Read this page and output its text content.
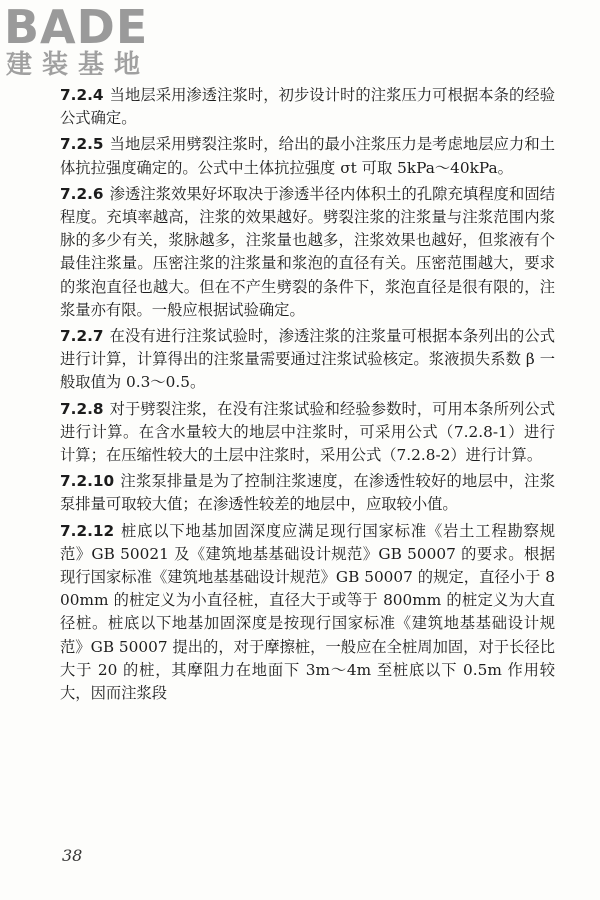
BADE
建装基地

7.2.4 当地层采用渗透注浆时，初步设计时的注浆压力可根据本条的经验公式确定。

7.2.5 当地层采用劈裂注浆时，给出的最小注浆压力是考虑地层应力和土体抗拉强度确定的。公式中土体抗拉强度 σt 可取 5kPa～40kPa。

7.2.6 渗透注浆效果好坏取决于渗透半径内体积土的孔隙充填程度和固结程度。充填率越高，注浆的效果越好。劈裂注浆的注浆量与注浆范围内浆脉的多少有关，浆脉越多，注浆量也越多，注浆效果也越好，但浆液有个最佳注浆量。压密注浆的注浆量和浆泡的直径有关。压密范围越大，要求的浆泡直径也越大。但在不产生劈裂的条件下，浆泡直径是很有限的，注浆量亦有限。一般应根据试验确定。

7.2.7 在没有进行注浆试验时，渗透注浆的注浆量可根据本条列出的公式进行计算，计算得出的注浆量需要通过注浆试验核定。浆液损失系数 β 一般取值为 0.3～0.5。

7.2.8 对于劈裂注浆，在没有注浆试验和经验参数时，可用本条所列公式进行计算。在含水量较大的地层中注浆时，可采用公式（7.2.8-1）进行计算；在压缩性较大的土层中注浆时，采用公式（7.2.8-2）进行计算。

7.2.10 注浆泵排量是为了控制注浆速度，在渗透性较好的地层中，注浆泵排量可取较大值；在渗透性较差的地层中，应取较小值。

7.2.12 桩底以下地基加固深度应满足现行国家标准《岩土工程勘察规范》GB 50021 及《建筑地基基础设计规范》GB 50007 的要求。根据现行国家标准《建筑地基基础设计规范》GB 50007 的规定，直径小于 800mm 的桩定义为小直径桩，直径大于或等于 800mm 的桩定义为大直径桩。桩底以下地基加固深度是按现行国家标准《建筑地基基础设计规范》GB 50007 提出的，对于摩擦桩，一般应在全桩周加固，对于长径比大于 20 的桩，其摩阻力在地面下 3m～4m 至桩底以下 0.5m 作用较大，因而注浆段

38
